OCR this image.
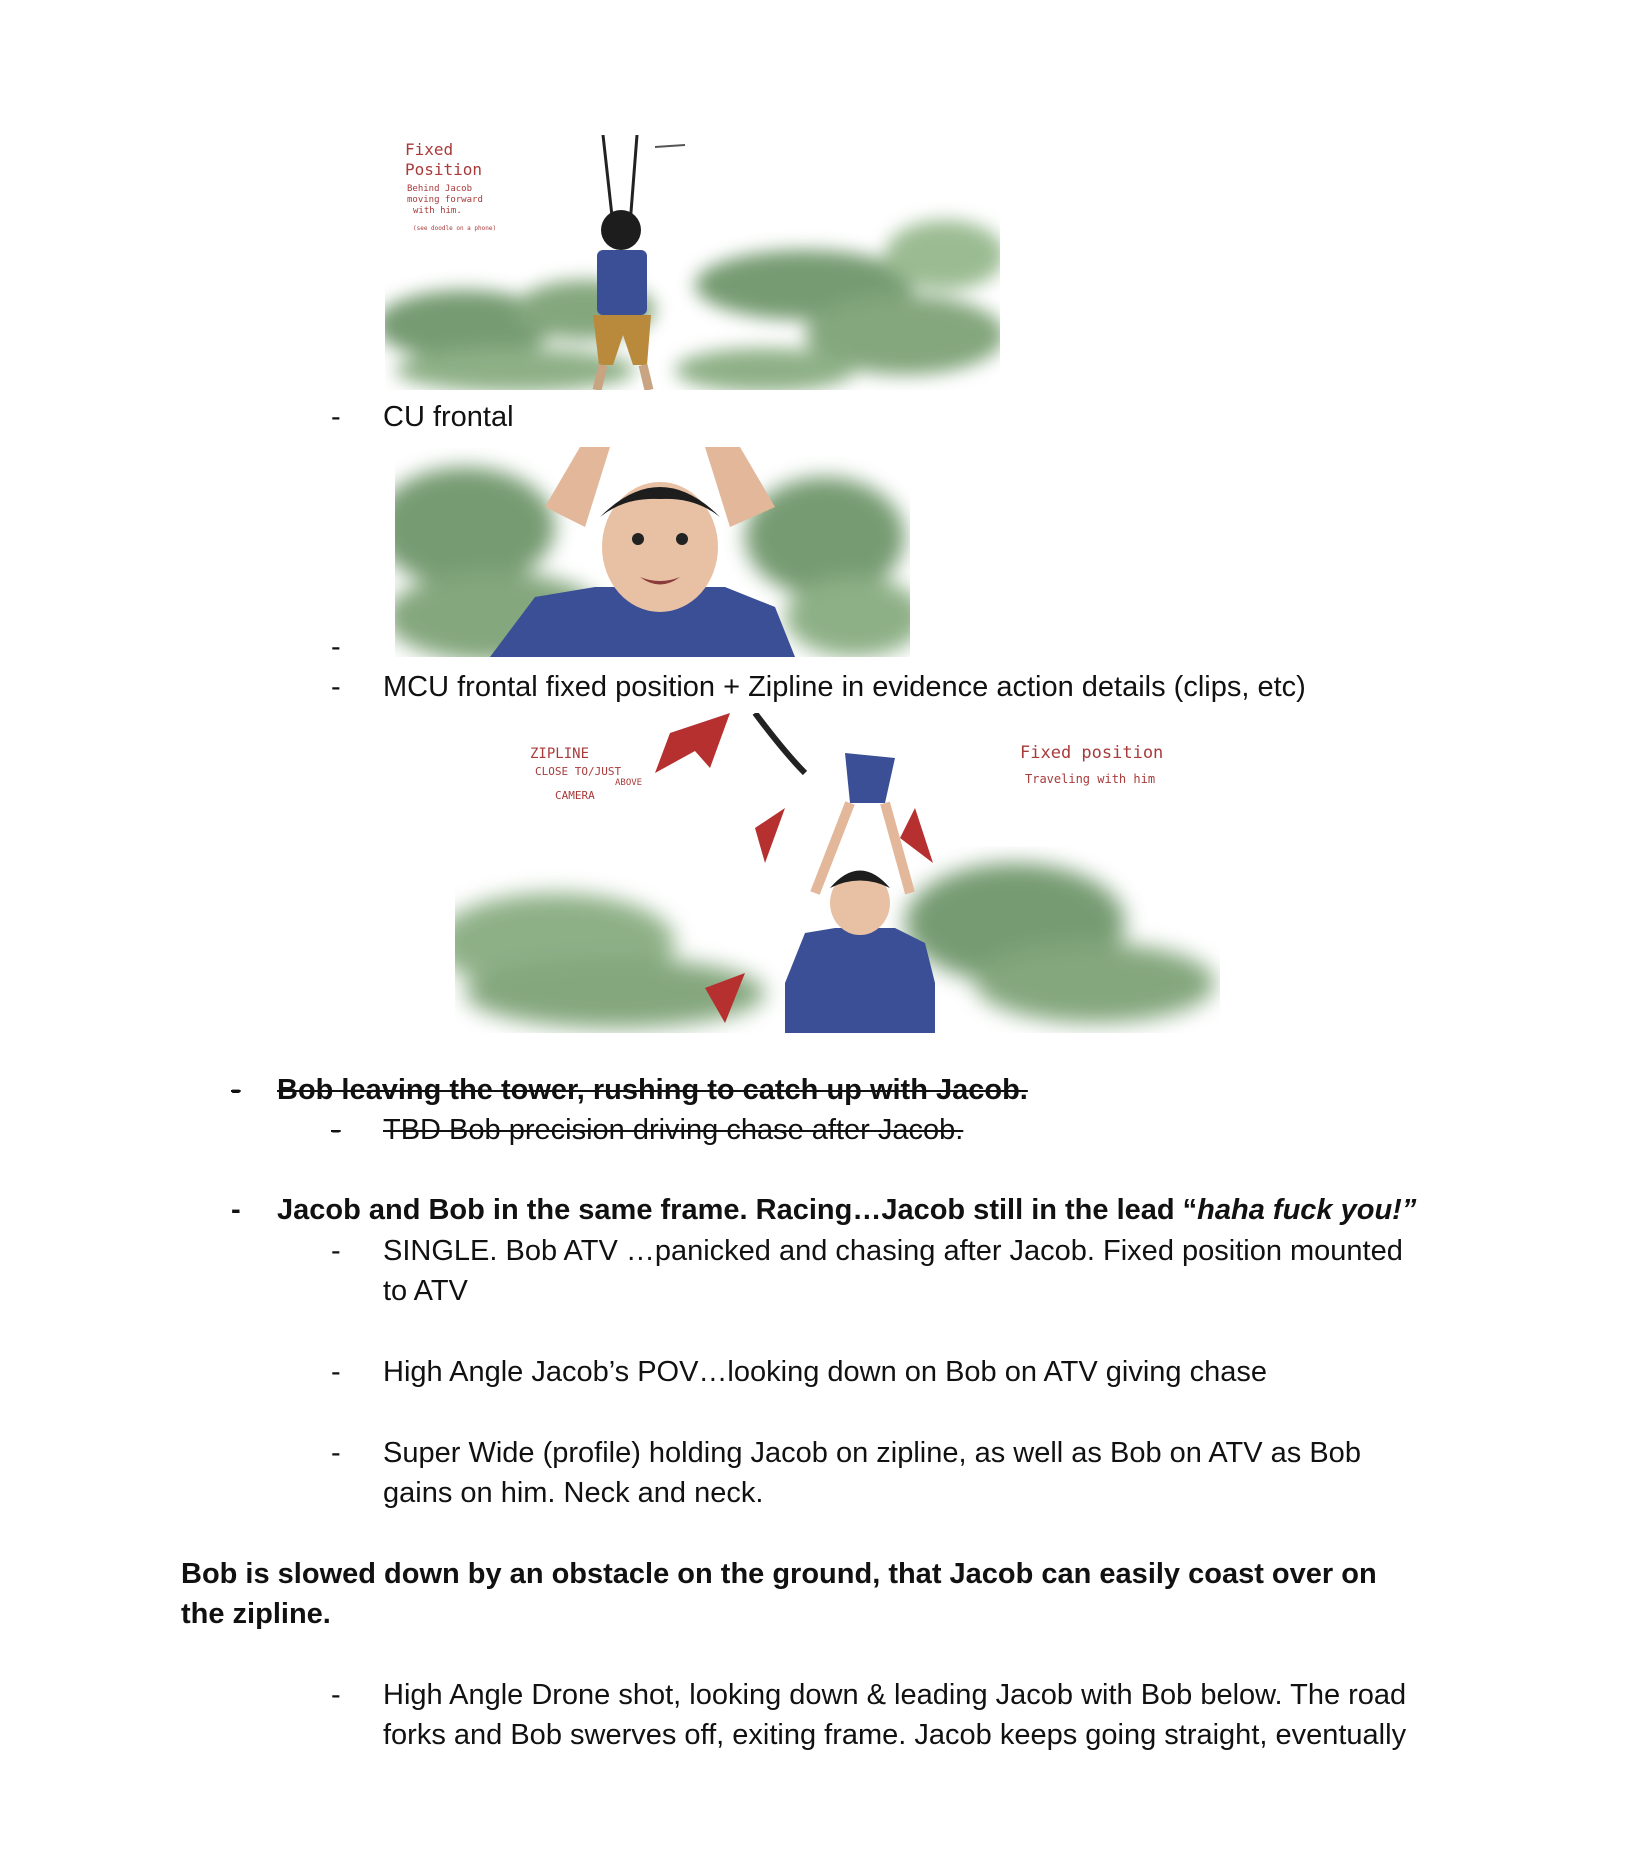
Fixed
Position
Behind Jacob
moving forward
with him.
(see doodle on a phone)
- CU frontal
-
- MCU frontal fixed position + Zipline in evidence action details (clips, etc)
ZIPLINE
CLOSE TO/JUST
ABOVE
CAMERA
Fixed position
Traveling with him
- Bob leaving the tower, rushing to catch up with Jacob.
- TBD Bob precision driving chase after Jacob.
- Jacob and Bob in the same frame. Racing…Jacob still in the lead “haha fuck you!”
- SINGLE. Bob ATV …panicked and chasing after Jacob. Fixed position mounted
to ATV
- High Angle Jacob’s POV…looking down on Bob on ATV giving chase
- Super Wide (profile) holding Jacob on zipline, as well as Bob on ATV as Bob
gains on him. Neck and neck.
Bob is slowed down by an obstacle on the ground, that Jacob can easily coast over on
the zipline.
- High Angle Drone shot, looking down & leading Jacob with Bob below. The road
forks and Bob swerves off, exiting frame. Jacob keeps going straight, eventually
